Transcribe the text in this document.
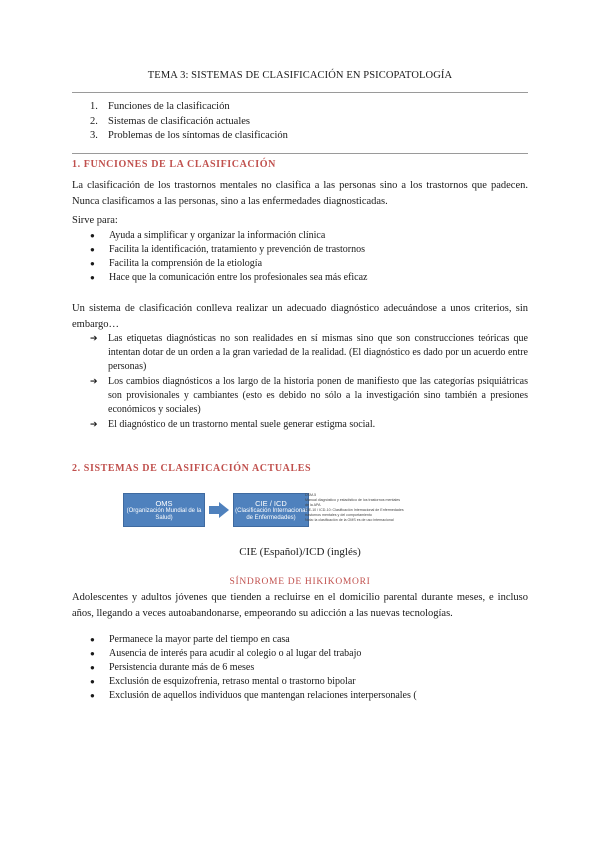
TEMA 3: SISTEMAS DE CLASIFICACIÓN EN PSICOPATOLOGÍA
1. Funciones de la clasificación
2. Sistemas de clasificación actuales
3. Problemas de los síntomas de clasificación
1. FUNCIONES DE LA CLASIFICACIÓN

La clasificación de los trastornos mentales no clasifica a las personas sino a los trastornos que padecen. Nunca clasificamos a las personas, sino a las enfermedades diagnosticadas.

Sirve para:

● Ayuda a simplificar y organizar la información clínica
● Facilita la identificación, tratamiento y prevención de trastornos
● Facilita la comprensión de la etiología
● Hace que la comunicación entre los profesionales sea más eficaz

Un sistema de clasificación conlleva realizar un adecuado diagnóstico adecuándose a unos criterios, sin embargo…

➔ Las etiquetas diagnósticas no son realidades en sí mismas sino que son construcciones teóricas que intentan dotar de un orden a la gran variedad de la realidad. (El diagnóstico es dado por un acuerdo entre personas)
➔ Los cambios diagnósticos a los largo de la historia ponen de manifiesto que las categorías psiquiátricas son provisionales y cambiantes (esto es debido no sólo a la investigación sino también a presiones económicos y sociales)
➔ El diagnóstico de un trastorno mental suele generar estigma social.
2. SISTEMAS DE CLASIFICACIÓN ACTUALES
OMS
(Organización Mundial de la Salud)
CIE / ICD
(Clasificación Internacional de Enfermedades)
DSM-5
Manual diagnóstico y estadístico de los trastornos mentales
de la APA
CIE-10 / ICD-10: Clasificación Internacional de Enfermedades
trastornos mentales y del comportamiento
Nota: la clasificación de la OMS es de uso internacional
CIE (Español)/ICD (inglés)
SÍNDROME DE HIKIKOMORI

Adolescentes y adultos jóvenes que tienden a recluirse en el domicilio parental durante meses, e incluso años, llegando a veces autoabandonarse, empeorando su adicción a las nuevas tecnologías.

● Permanece la mayor parte del tiempo en casa
● Ausencia de interés para acudir al colegio o al lugar del trabajo
● Persistencia durante más de 6 meses
● Exclusión de esquizofrenia, retraso mental o trastorno bipolar
● Exclusión de aquellos individuos que mantengan relaciones interpersonales (
